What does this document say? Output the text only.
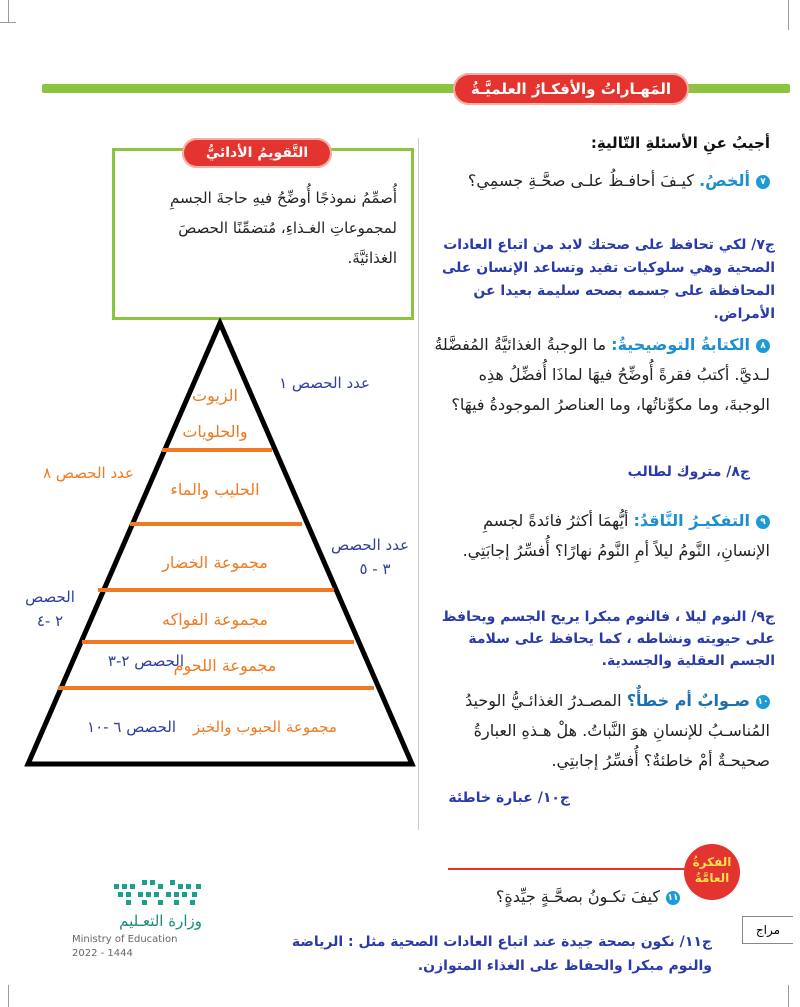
المَهـاراتُ والأفكـارُ العلميَّـةُ
أُصمِّمُ نموذجًا أُوضِّحُ فيهِ حاجةَ الجسمِ لمجموعاتِ الغـذاءِ، مُتضمِّنًا الحصصَ الغذائيَّةَ.
التَّقويمُ الأدائيُّ
الزيوت
والحلويات
الحليب والماء
مجموعة الخضار
مجموعة الفواكه
مجموعة اللحوم
مجموعة الحبوب والخبز
عدد الحصص ١
عدد الحصص ٨
عدد الحصص
٣ - ٥
الحصص
٢ -٤
الحصص ٢-٣
الحصص ٦ -١٠
أجيبُ عنِ الأسئلةِ التّاليةِ:
٧ألخصُ. كيـفَ أحافـظُ علـى صحَّـةِ جسمِي؟
ج٧/ لكي تحافظ على صحتك لابد من اتباع العادات الصحية وهي سلوكيات تفيد وتساعد الإنسان على المحافظة على جسمه بصحه سليمة بعيدا عن الأمراض.
٨الكتابةُ التوضيحيةُ: ما الوجبةُ الغذائيَّةُ المُفضَّلةُ لـديَّ. أكتبُ فقرةً أُوضِّحُ فيهَا لماذَا أُفضِّلُ هذِه الوجبةَ، وما مكوِّناتُها، وما العناصرُ الموجودةُ فيهَا؟
ج٨/ متروك لطالب
٩التفكيـرُ النَّاقدُ: أيُّهمَا أكثرُ فائدةً لجسمِ الإنسانِ، النَّومُ ليلاً أمِ النَّومُ نهارًا؟ أُفسِّرُ إجابَتِي.
ج٩/ النوم ليلا ، فالنوم مبكرا يريح الجسم ويحافظ على حيويته ونشاطه ، كما يحافظ على سلامة الجسم العقلية والجسدية.
١٠صـوابٌ أم خطأٌ؟ المصـدرُ الغذائـيُّ الوحيدُ المُناسـبُ للإنسانِ هوَ النَّباتُ. هلْ هـذهِ العبارةُ صحيحـةٌ أمْ خاطئةٌ؟ أُفسِّرُ إجابتِي.
ج١٠/ عبارة خاطئة
الفكرةُ العامَّةُ
١١كيفَ تكـونُ بصحَّـةٍ جيِّدةٍ؟
ج١١/ نكون بصحة جيدة عند اتباع العادات الصحية مثل : الرياضة والنوم مبكرا والحفاظ على الغذاء المتوازن.
مراج
وزارة التعـليم
Ministry of Education
2022 - 1444
